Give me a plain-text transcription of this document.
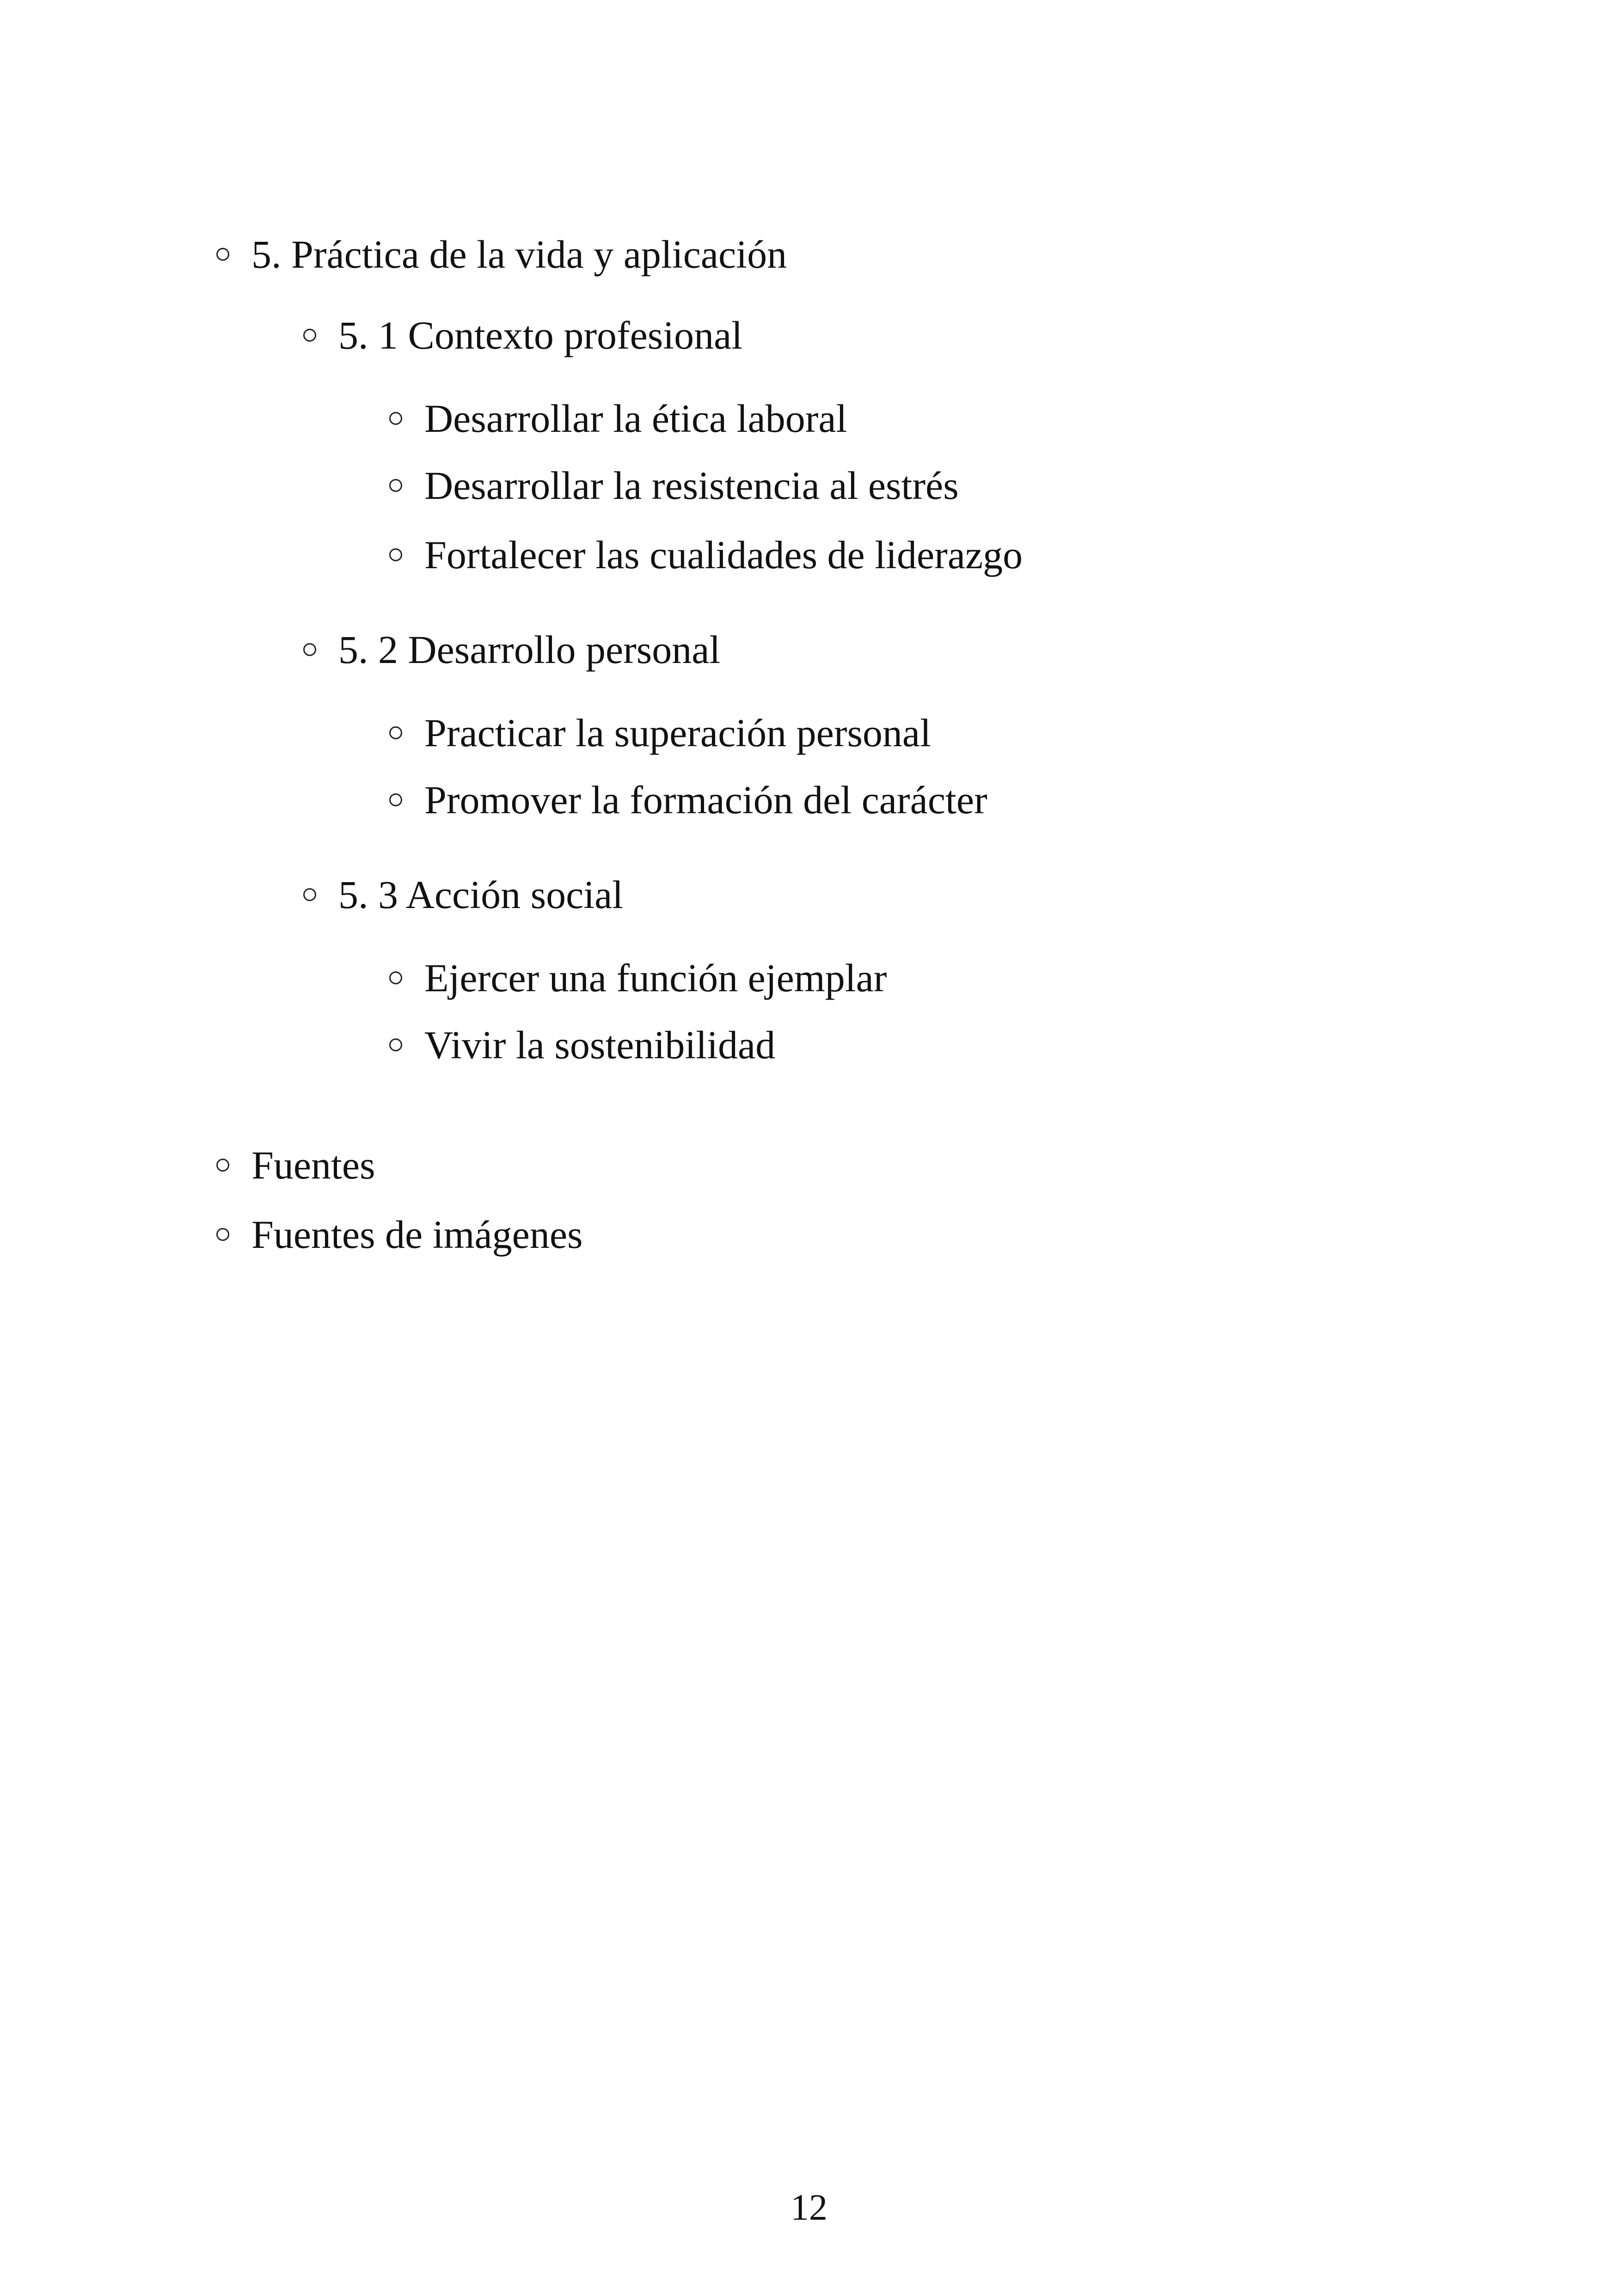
5. Práctica de la vida y aplicación
5. 1 Contexto profesional
Desarrollar la ética laboral
Desarrollar la resistencia al estrés
Fortalecer las cualidades de liderazgo
5. 2 Desarrollo personal
Practicar la superación personal
Promover la formación del carácter
5. 3 Acción social
Ejercer una función ejemplar
Vivir la sostenibilidad
Fuentes
Fuentes de imágenes
12
